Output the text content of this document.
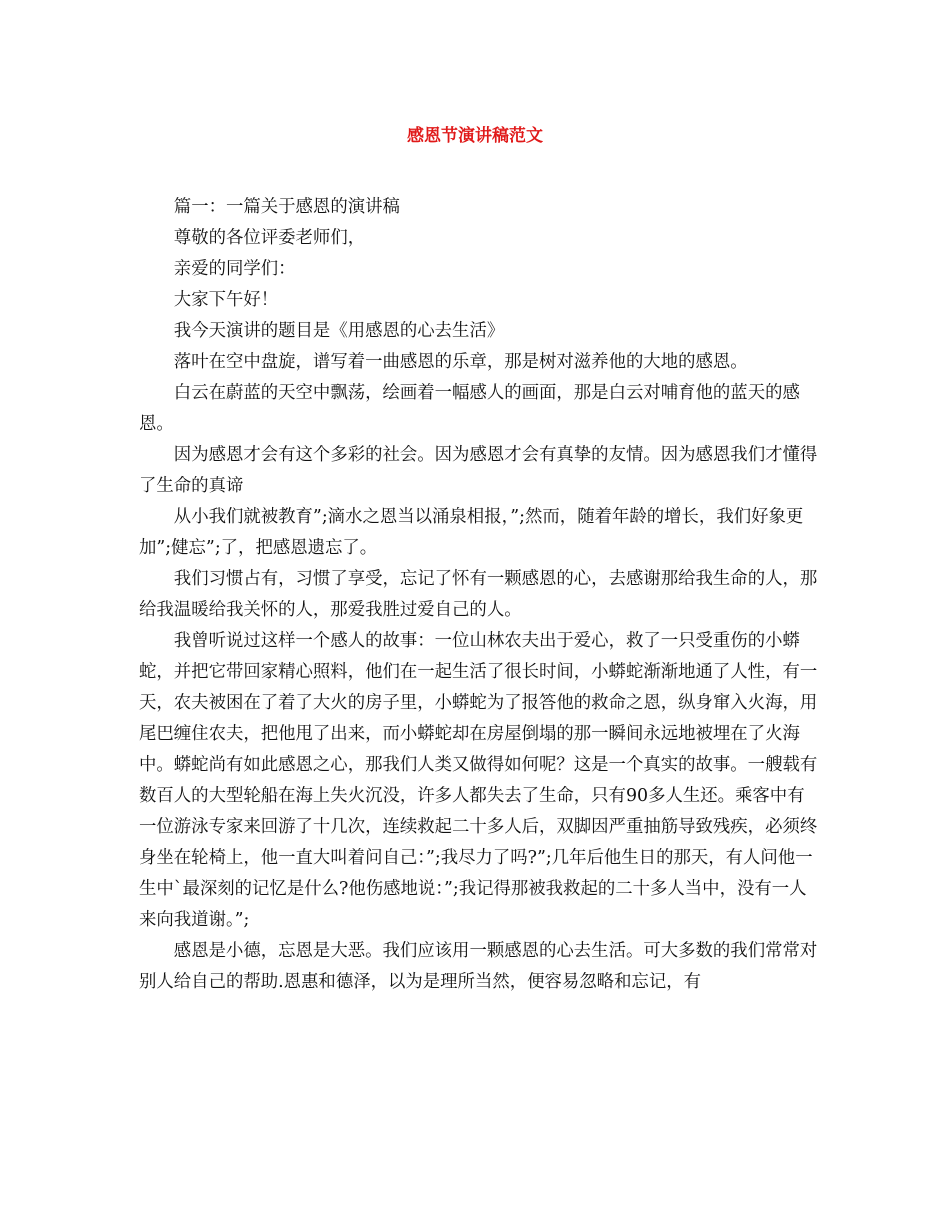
感恩节演讲稿范文

篇一：一篇关于感恩的演讲稿

尊敬的各位评委老师们，

亲爱的同学们：

大家下午好！

我今天演讲的题目是《用感恩的心去生活》

落叶在空中盘旋，谱写着一曲感恩的乐章，那是树对滋养他的大地的感恩。

白云在蔚蓝的天空中飘荡，绘画着一幅感人的画面，那是白云对哺育他的蓝天的感恩。

因为感恩才会有这个多彩的社会。因为感恩才会有真挚的友情。因为感恩我们才懂得了生命的真谛

从小我们就被教育”;滴水之恩当以涌泉相报，”;然而，随着年龄的增长，我们好象更加”;健忘”;了，把感恩遗忘了。

我们习惯占有，习惯了享受，忘记了怀有一颗感恩的心，去感谢那给我生命的人，那给我温暖给我关怀的人，那爱我胜过爱自己的人。

我曾听说过这样一个感人的故事：一位山林农夫出于爱心，救了一只受重伤的小蟒蛇，并把它带回家精心照料，他们在一起生活了很长时间，小蟒蛇渐渐地通了人性，有一天，农夫被困在了着了大火的房子里，小蟒蛇为了报答他的救命之恩，纵身窜入火海，用尾巴缠住农夫，把他甩了出来，而小蟒蛇却在房屋倒塌的那一瞬间永远地被埋在了火海中。蟒蛇尚有如此感恩之心，那我们人类又做得如何呢？这是一个真实的故事。一艘载有数百人的大型轮船在海上失火沉没，许多人都失去了生命，只有90多人生还。乘客中有一位游泳专家来回游了十几次，连续救起二十多人后，双脚因严重抽筋导致残疾，必须终身坐在轮椅上，他一直大叫着问自己：”;我尽力了吗?”;几年后他生日的那天，有人问他一生中`最深刻的记忆是什么?他伤感地说：”;我记得那被我救起的二十多人当中，没有一人来向我道谢。”;

感恩是小德，忘恩是大恶。我们应该用一颗感恩的心去生活。可大多数的我们常常对别人给自己的帮助.恩惠和德泽，以为是理所当然，便容易忽略和忘记，有
